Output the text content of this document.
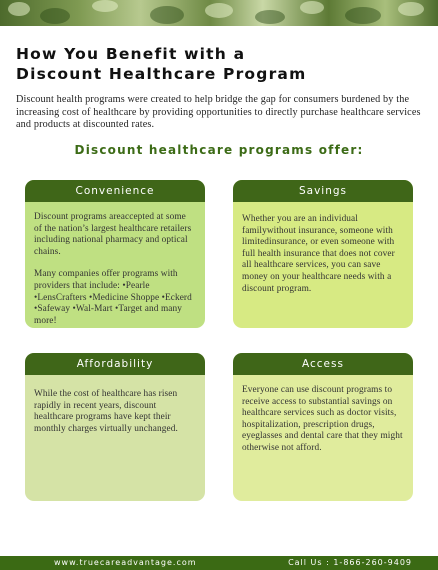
How You Benefit with a
Discount Healthcare Program

Discount health programs were created to help bridge the gap for consumers burdened by the increasing cost of healthcare by providing opportunities to directly purchase healthcare services and products at discounted rates.

Discount healthcare programs offer:
Convenience

Discount programs areaccepted at some of the nation’s largest healthcare retailers including national pharmacy and optical chains.

Many companies offer programs with providers that include: •Pearle •LensCrafters •Medicine Shoppe •Eckerd •Safeway •Wal-Mart •Target and many more!

Savings

Whether you are an individual familywithout insurance, someone with limitedinsurance, or even someone with full health insurance that does not cover all healthcare services, you can save money on your healthcare needs with a discount program.

Affordability

While the cost of healthcare has risen rapidly in recent years, discount healthcare programs have kept their monthly charges virtually unchanged.

Access

Everyone can use discount programs to receive access to substantial savings on healthcare services such as doctor visits, hospitalization, prescription drugs, eyeglasses and dental care that they might otherwise not afford.

www.truecareadvantage.com	Call Us : 1-866-260-9409
